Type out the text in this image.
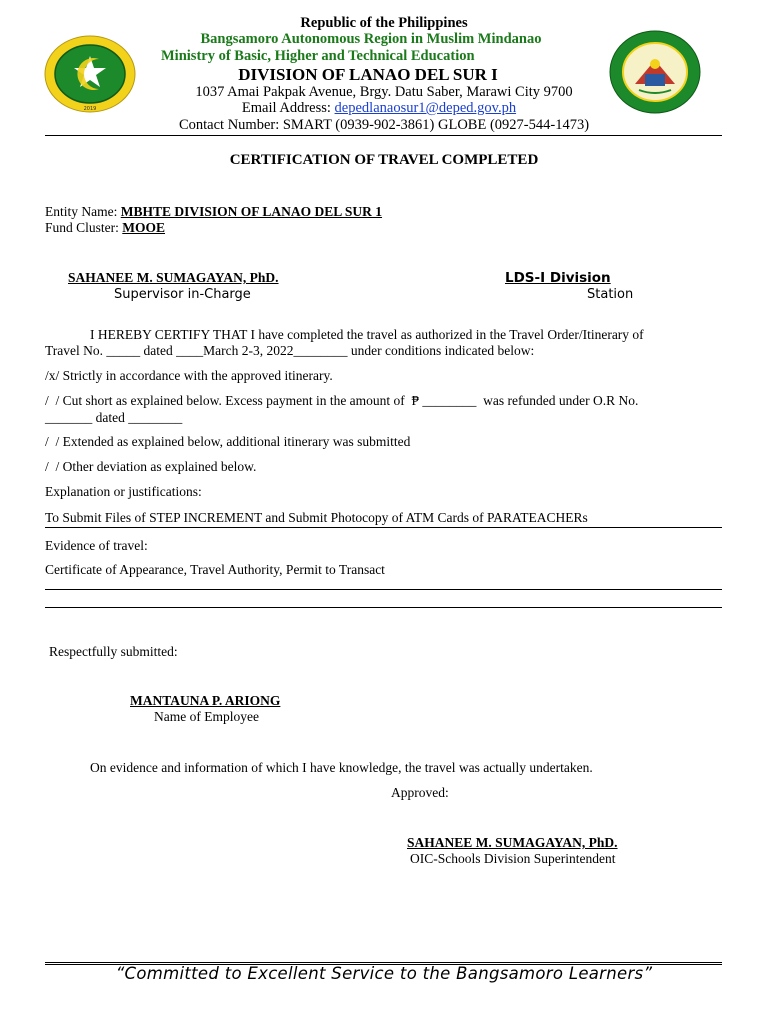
2019
Republic of the Philippines
Bangsamoro Autonomous Region in Muslim Mindanao
Ministry of Basic, Higher and Technical Education
DIVISION OF LANAO DEL SUR I
1037 Amai Pakpak Avenue, Brgy. Datu Saber, Marawi City 9700
Email Address: depedlanaosur1@deped.gov.ph
Contact Number: SMART (0939-902-3861) GLOBE (0927-544-1473)
CERTIFICATION OF TRAVEL COMPLETED
Entity Name: MBHTE DIVISION OF LANAO DEL SUR 1
Fund Cluster: MOOE
SAHANEE M. SUMAGAYAN, PhD.
Supervisor in-Charge
LDS-I Division
Station
I HEREBY CERTIFY THAT I have completed the travel as authorized in the Travel Order/Itinerary of
Travel No. _____ dated ____March 2-3, 2022________ under conditions indicated below:
/x/ Strictly in accordance with the approved itinerary.
/  / Cut short as explained below. Excess payment in the amount of  ₱ ________  was refunded under O.R No.
_______ dated ________
/  / Extended as explained below, additional itinerary was submitted
/  / Other deviation as explained below.
Explanation or justifications:
To Submit Files of STEP INCREMENT and Submit Photocopy of ATM Cards of PARATEACHERs
Evidence of travel:
Certificate of Appearance, Travel Authority, Permit to Transact
Respectfully submitted:
MANTAUNA P. ARIONG
Name of Employee
On evidence and information of which I have knowledge, the travel was actually undertaken.
Approved:
SAHANEE M. SUMAGAYAN, PhD.
OIC-Schools Division Superintendent
“Committed to Excellent Service to the Bangsamoro Learners”
